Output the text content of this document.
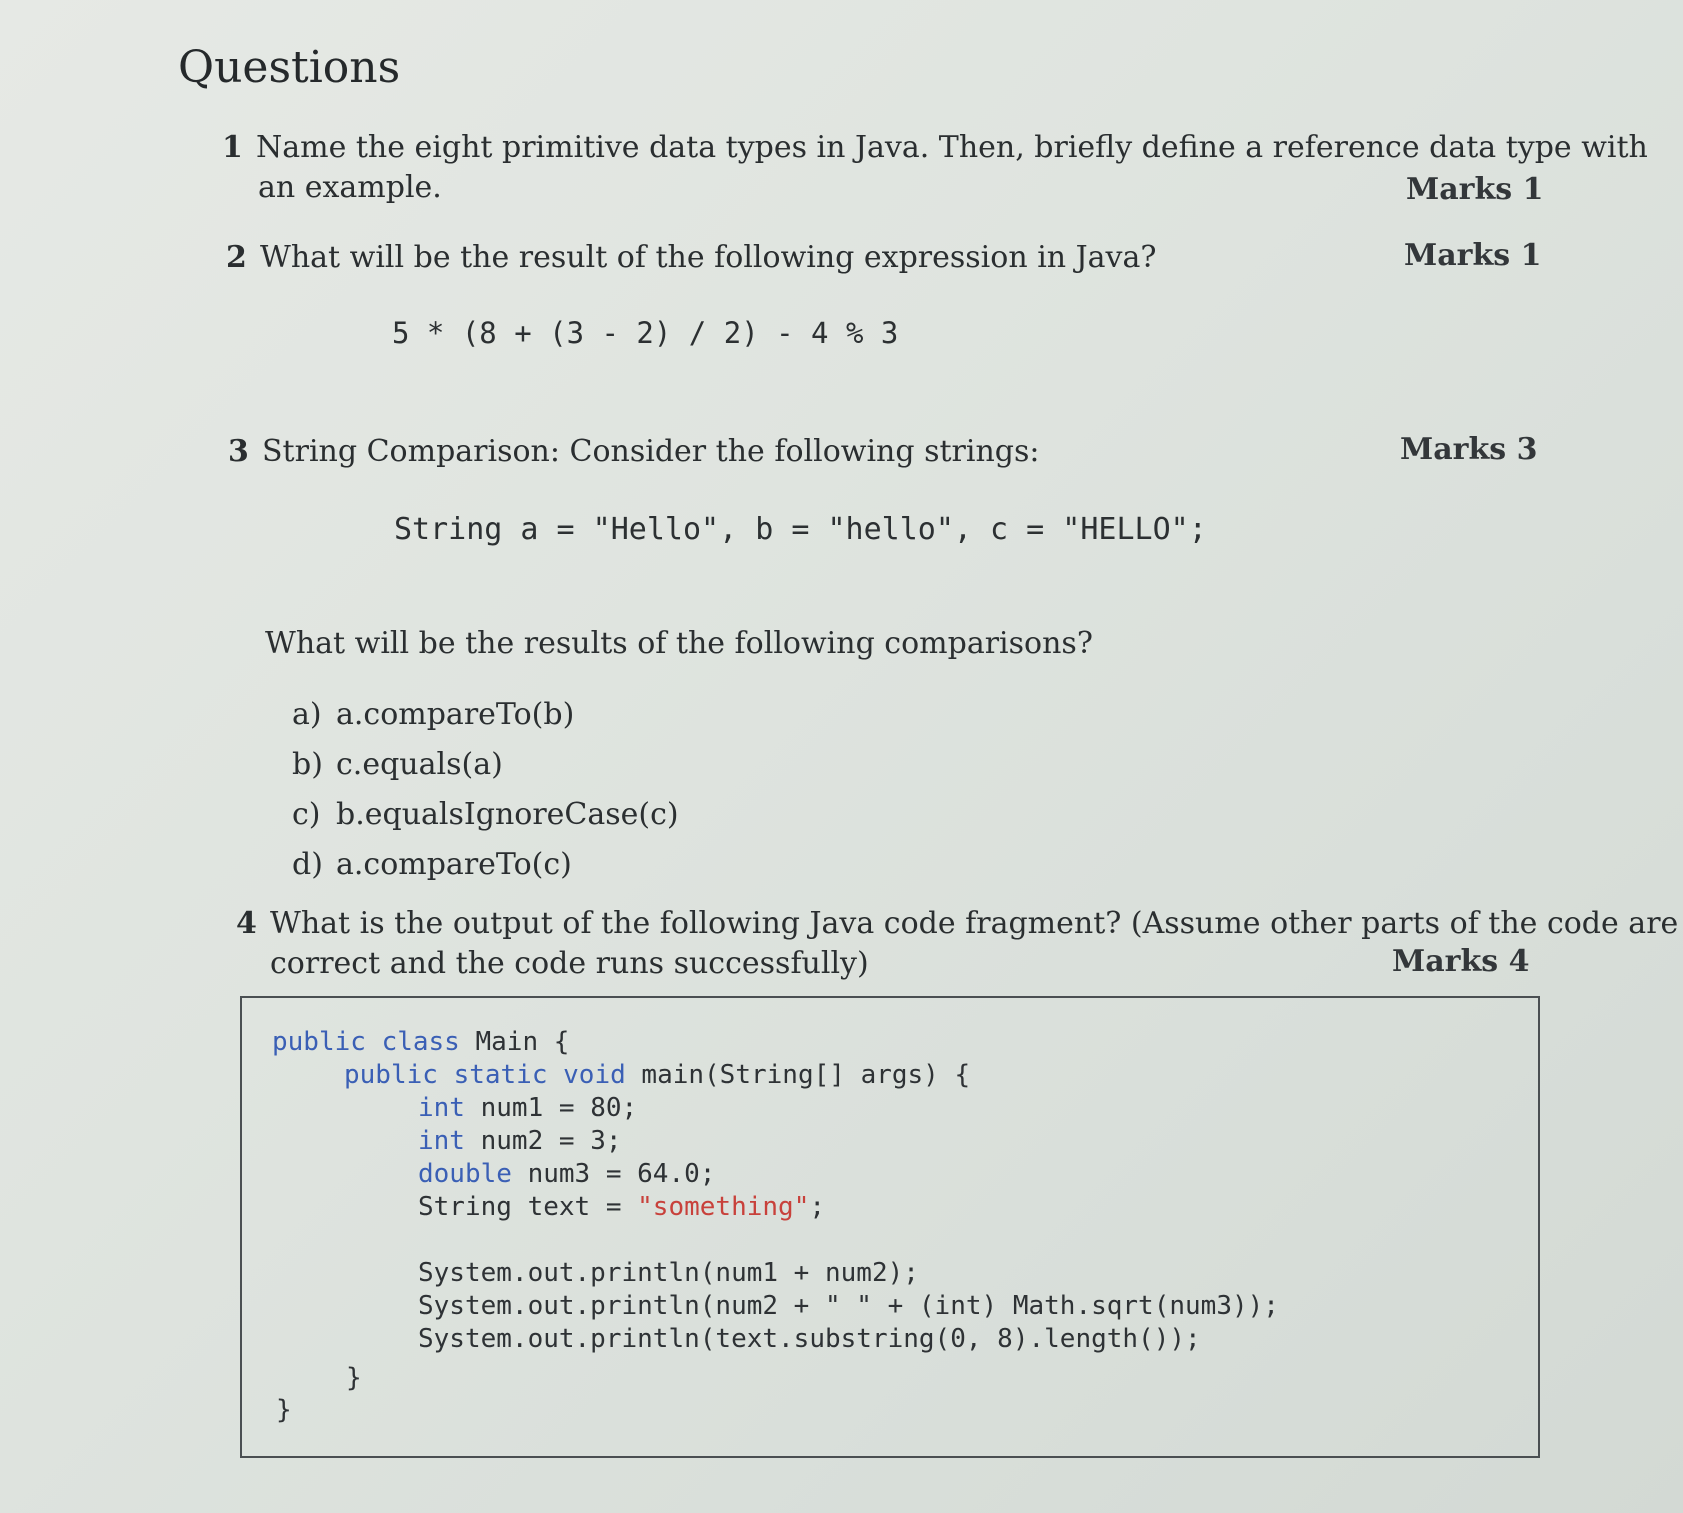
Questions
1 Name the eight primitive data types in Java. Then, briefly define a reference data type with
an example.	Marks 1
2 What will be the result of the following expression in Java?	Marks 1
5 * (8 + (3 - 2) / 2) - 4 % 3
3 String Comparison: Consider the following strings:	Marks 3
String a = "Hello", b = "hello", c = "HELLO";
What will be the results of the following comparisons?
a) a.compareTo(b)
b) c.equals(a)
c) b.equalsIgnoreCase(c)
d) a.compareTo(c)
4 What is the output of the following Java code fragment? (Assume other parts of the code are
correct and the code runs successfully)	Marks 4
public class Main {
public static void main(String[] args) {
int num1 = 80;
int num2 = 3;
double num3 = 64.0;
String text = "something";
System.out.println(num1 + num2);
System.out.println(num2 + " " + (int) Math.sqrt(num3));
System.out.println(text.substring(0, 8).length());
}
}
